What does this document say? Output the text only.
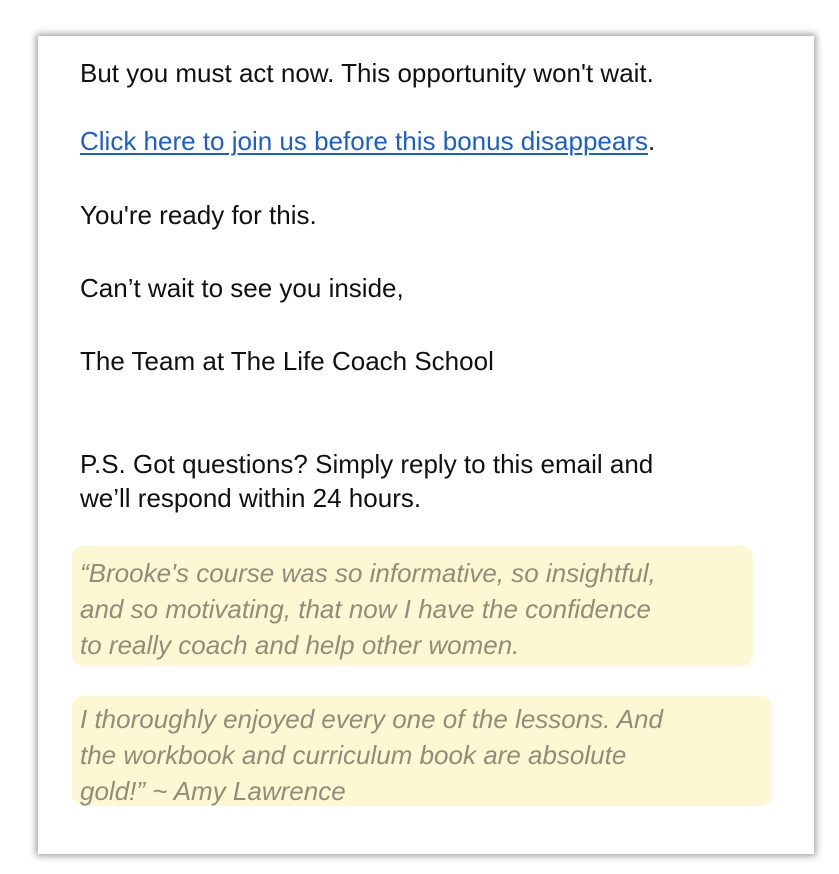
But you must act now. This opportunity won't wait.

Click here to join us before this bonus disappears.

You're ready for this.

Can’t wait to see you inside,

The Team at The Life Coach School

P.S. Got questions? Simply reply to this email and
we’ll respond within 24 hours.

“Brooke's course was so informative, so insightful,
and so motivating, that now I have the confidence
to really coach and help other women.

I thoroughly enjoyed every one of the lessons. And
the workbook and curriculum book are absolute
gold!” ~ Amy Lawrence
